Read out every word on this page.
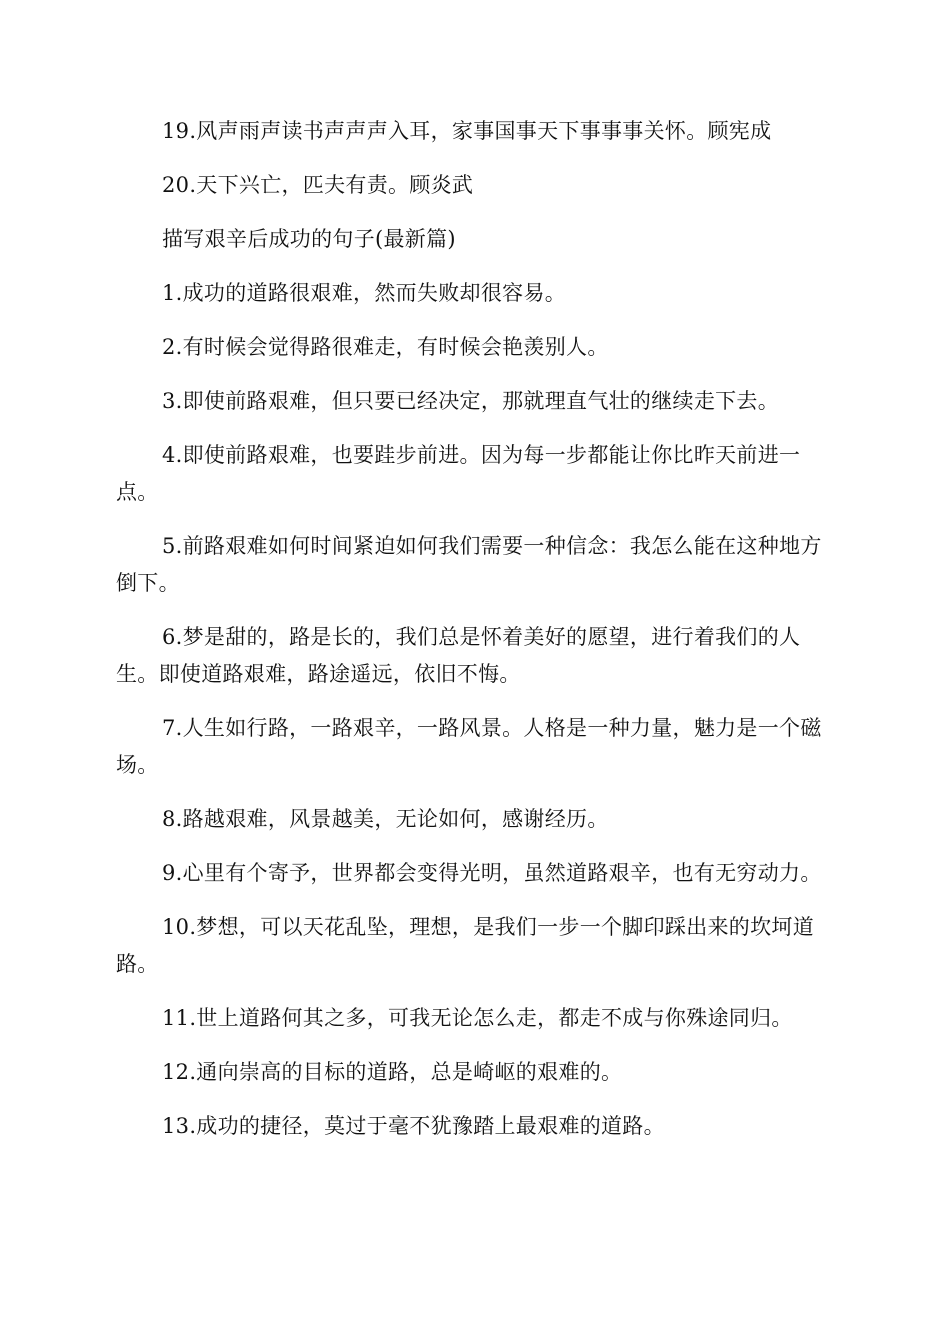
19.风声雨声读书声声声入耳，家事国事天下事事事关怀。顾宪成

20.天下兴亡，匹夫有责。顾炎武

描写艰辛后成功的句子(最新篇)

1.成功的道路很艰难，然而失败却很容易。

2.有时候会觉得路很难走，有时候会艳羡别人。

3.即使前路艰难，但只要已经决定，那就理直气壮的继续走下去。

4.即使前路艰难，也要跬步前进。因为每一步都能让你比昨天前进一点。

5.前路艰难如何时间紧迫如何我们需要一种信念：我怎么能在这种地方倒下。

6.梦是甜的，路是长的，我们总是怀着美好的愿望，进行着我们的人生。即使道路艰难，路途遥远，依旧不悔。

7.人生如行路，一路艰辛，一路风景。人格是一种力量，魅力是一个磁场。

8.路越艰难，风景越美，无论如何，感谢经历。

9.心里有个寄予，世界都会变得光明，虽然道路艰辛，也有无穷动力。

10.梦想，可以天花乱坠，理想，是我们一步一个脚印踩出来的坎坷道路。

11.世上道路何其之多，可我无论怎么走，都走不成与你殊途同归。

12.通向崇高的目标的道路，总是崎岖的艰难的。

13.成功的捷径，莫过于毫不犹豫踏上最艰难的道路。
